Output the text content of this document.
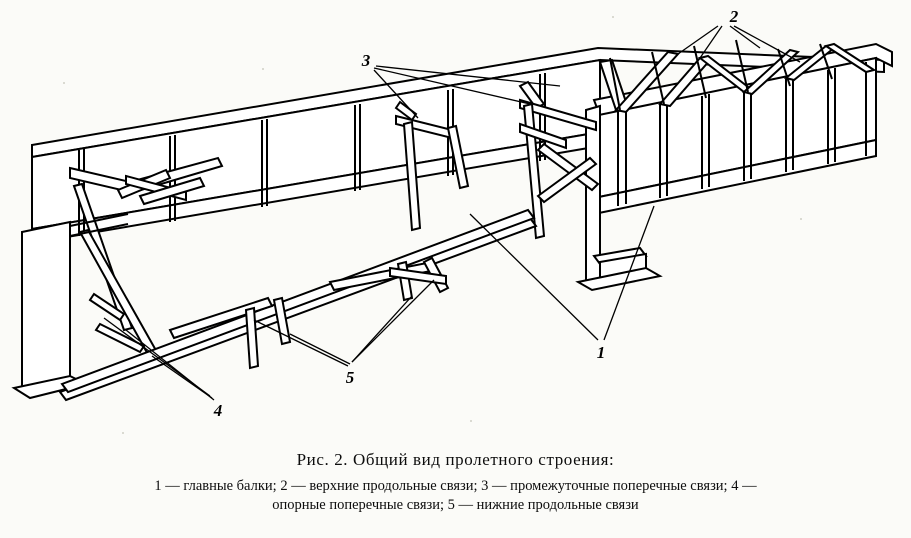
2
3
1
4
5
Рис. 2. Общий вид пролетного строения:
1 — главные балки; 2 — верхние продольные связи; 3 — промежуточные поперечные связи; 4 —
опорные поперечные связи; 5 — нижние продольные связи
